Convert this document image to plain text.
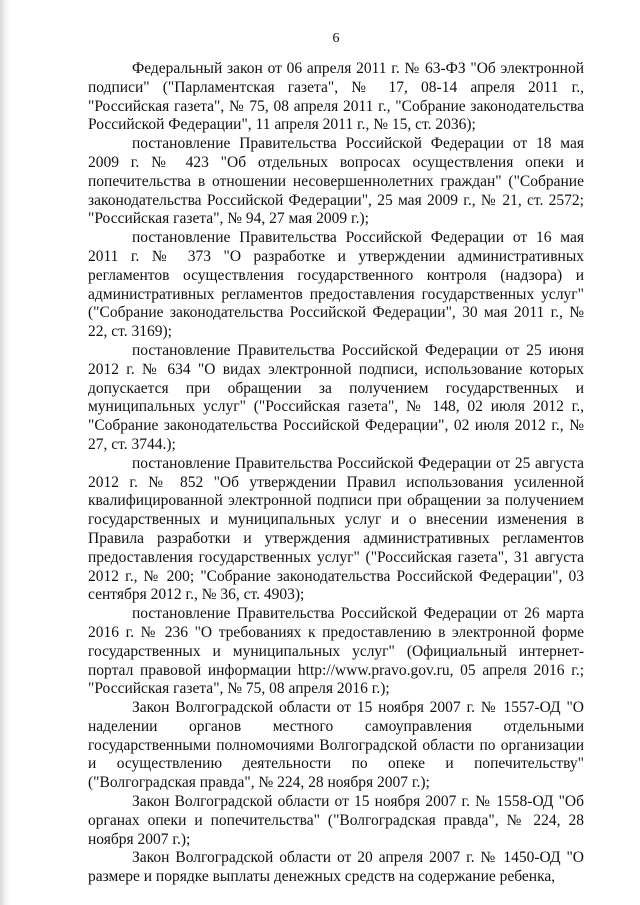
6

Федеральный закон от 06 апреля 2011 г. № 63-ФЗ "Об электронной подписи" ("Парламентская газета", № 17, 08-14 апреля 2011 г., "Российская газета", № 75, 08 апреля 2011 г., "Собрание законодательства Российской Федерации", 11 апреля 2011 г., № 15, ст. 2036);

постановление Правительства Российской Федерации от 18 мая 2009 г. № 423 "Об отдельных вопросах осуществления опеки и попечительства в отношении несовершеннолетних граждан" ("Собрание законодательства Российской Федерации", 25 мая 2009 г., № 21, ст. 2572; "Российская газета", № 94, 27 мая 2009 г.);

постановление Правительства Российской Федерации от 16 мая 2011 г. № 373 "О разработке и утверждении административных регламентов осуществления государственного контроля (надзора) и административных регламентов предоставления государственных услуг" ("Собрание законодательства Российской Федерации", 30 мая 2011 г., № 22, ст. 3169);

постановление Правительства Российской Федерации от 25 июня 2012 г. № 634 "О видах электронной подписи, использование которых допускается при обращении за получением государственных и муниципальных услуг" ("Российская газета", № 148, 02 июля 2012 г., "Собрание законодательства Российской Федерации", 02 июля 2012 г., № 27, ст. 3744.);

постановление Правительства Российской Федерации от 25 августа 2012 г. № 852 "Об утверждении Правил использования усиленной квалифицированной электронной подписи при обращении за получением государственных и муниципальных услуг и о внесении изменения в Правила разработки и утверждения административных регламентов предоставления государственных услуг" ("Российская газета", 31 августа 2012 г., № 200; "Собрание законодательства Российской Федерации", 03 сентября 2012 г., № 36, ст. 4903);

постановление Правительства Российской Федерации от 26 марта 2016 г. № 236 "О требованиях к предоставлению в электронной форме государственных и муниципальных услуг" (Официальный интернет-портал правовой информации http://www.pravo.gov.ru, 05 апреля 2016 г.; "Российская газета", № 75, 08 апреля 2016 г.);

Закон Волгоградской области от 15 ноября 2007 г. № 1557-ОД "О наделении органов местного самоуправления отдельными государственными полномочиями Волгоградской области по организации и осуществлению деятельности по опеке и попечительству" ("Волгоградская правда", № 224, 28 ноября 2007 г.);

Закон Волгоградской области от 15 ноября 2007 г. № 1558-ОД "Об органах опеки и попечительства" ("Волгоградская правда", № 224, 28 ноября 2007 г.);

Закон Волгоградской области от 20 апреля 2007 г. № 1450-ОД "О размере и порядке выплаты денежных средств на содержание ребенка,
